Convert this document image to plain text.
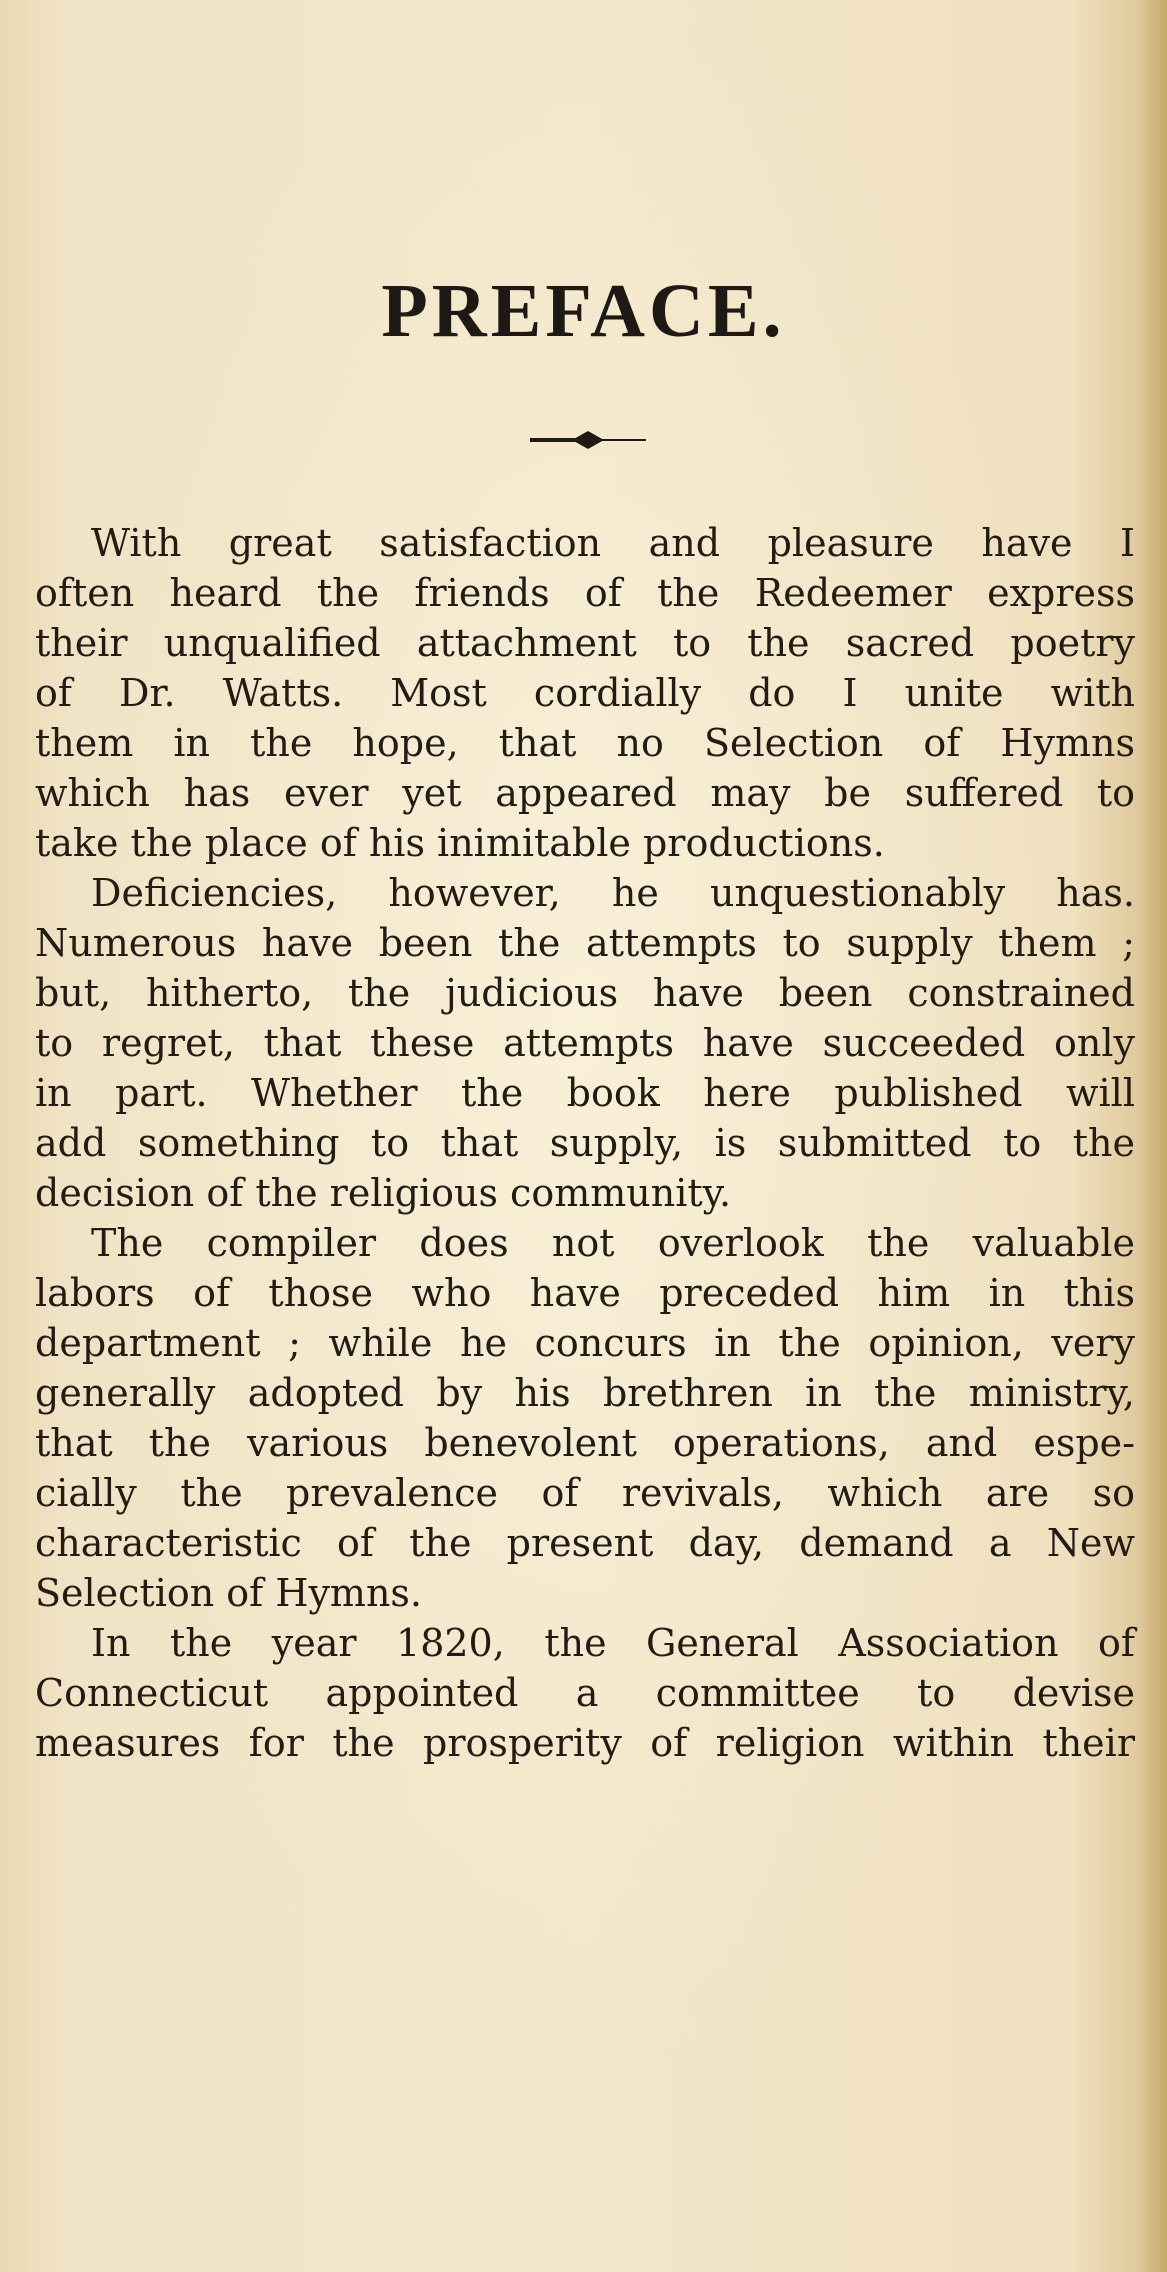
PREFACE.
With great satisfaction and pleasure have I
often heard the friends of the Redeemer express
their unqualified attachment to the sacred poetry
of Dr. Watts. Most cordially do I unite with
them in the hope, that no Selection of Hymns
which has ever yet appeared may be suffered to
take the place of his inimitable productions.
Deficiencies, however, he unquestionably has.
Numerous have been the attempts to supply them ;
but, hitherto, the judicious have been constrained
to regret, that these attempts have succeeded only
in part. Whether the book here published will
add something to that supply, is submitted to the
decision of the religious community.
The compiler does not overlook the valuable
labors of those who have preceded him in this
department ; while he concurs in the opinion, very
generally adopted by his brethren in the ministry,
that the various benevolent operations, and espe-
cially the prevalence of revivals, which are so
characteristic of the present day, demand a New
Selection of Hymns.
In the year 1820, the General Association of
Connecticut appointed a committee to devise
measures for the prosperity of religion within their
